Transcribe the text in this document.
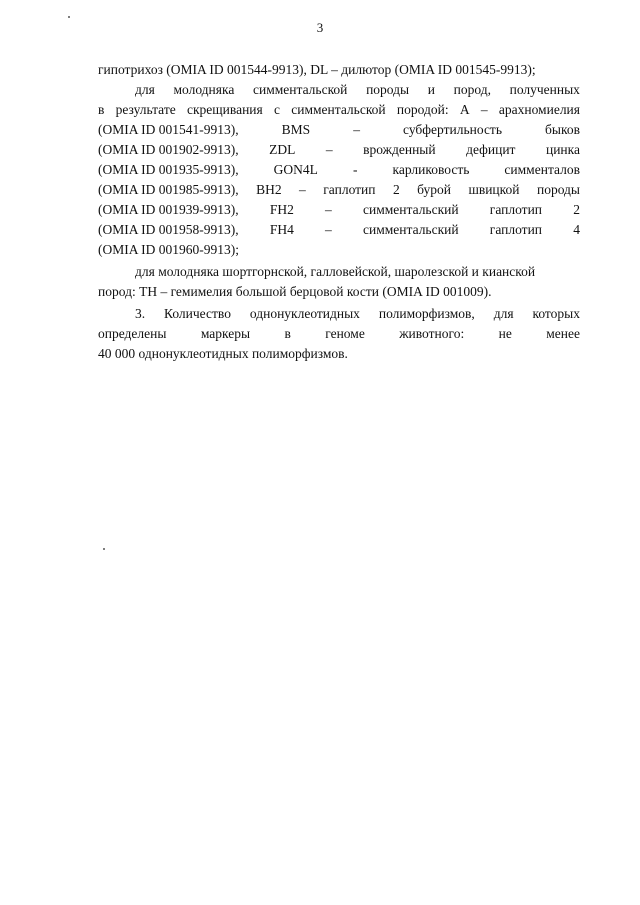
3
гипотрихоз (OMIA ID 001544-9913), DL – дилютор (OMIA ID 001545-9913);
для молодняка симментальской породы и пород, полученных
в результате скрещивания с симментальской породой: А – арахномиелия
(OMIA ID 001541-9913),	BMS	–	субфертильность	быков
(OMIA ID 001902-9913), ZDL – врожденный дефицит цинка
(OMIA ID 001935-9913),	GON4L	-	карликовость	симменталов
(OMIA ID 001985-9913), BH2 – гаплотип 2 бурой швицкой породы
(OMIA ID 001939-9913), FH2 – симментальский гаплотип 2
(OMIA ID 001958-9913), FH4 – симментальский гаплотип 4
(OMIA ID 001960-9913);
для молодняка шортгорнской, галловейской, шаролезской и кианской
пород: TH – гемимелия большой берцовой кости (OMIA ID 001009).
3. Количество однонуклеотидных полиморфизмов, для которых
определены	маркеры	в	геноме	животного:	не	менее
40 000 однонуклеотидных полиморфизмов.
